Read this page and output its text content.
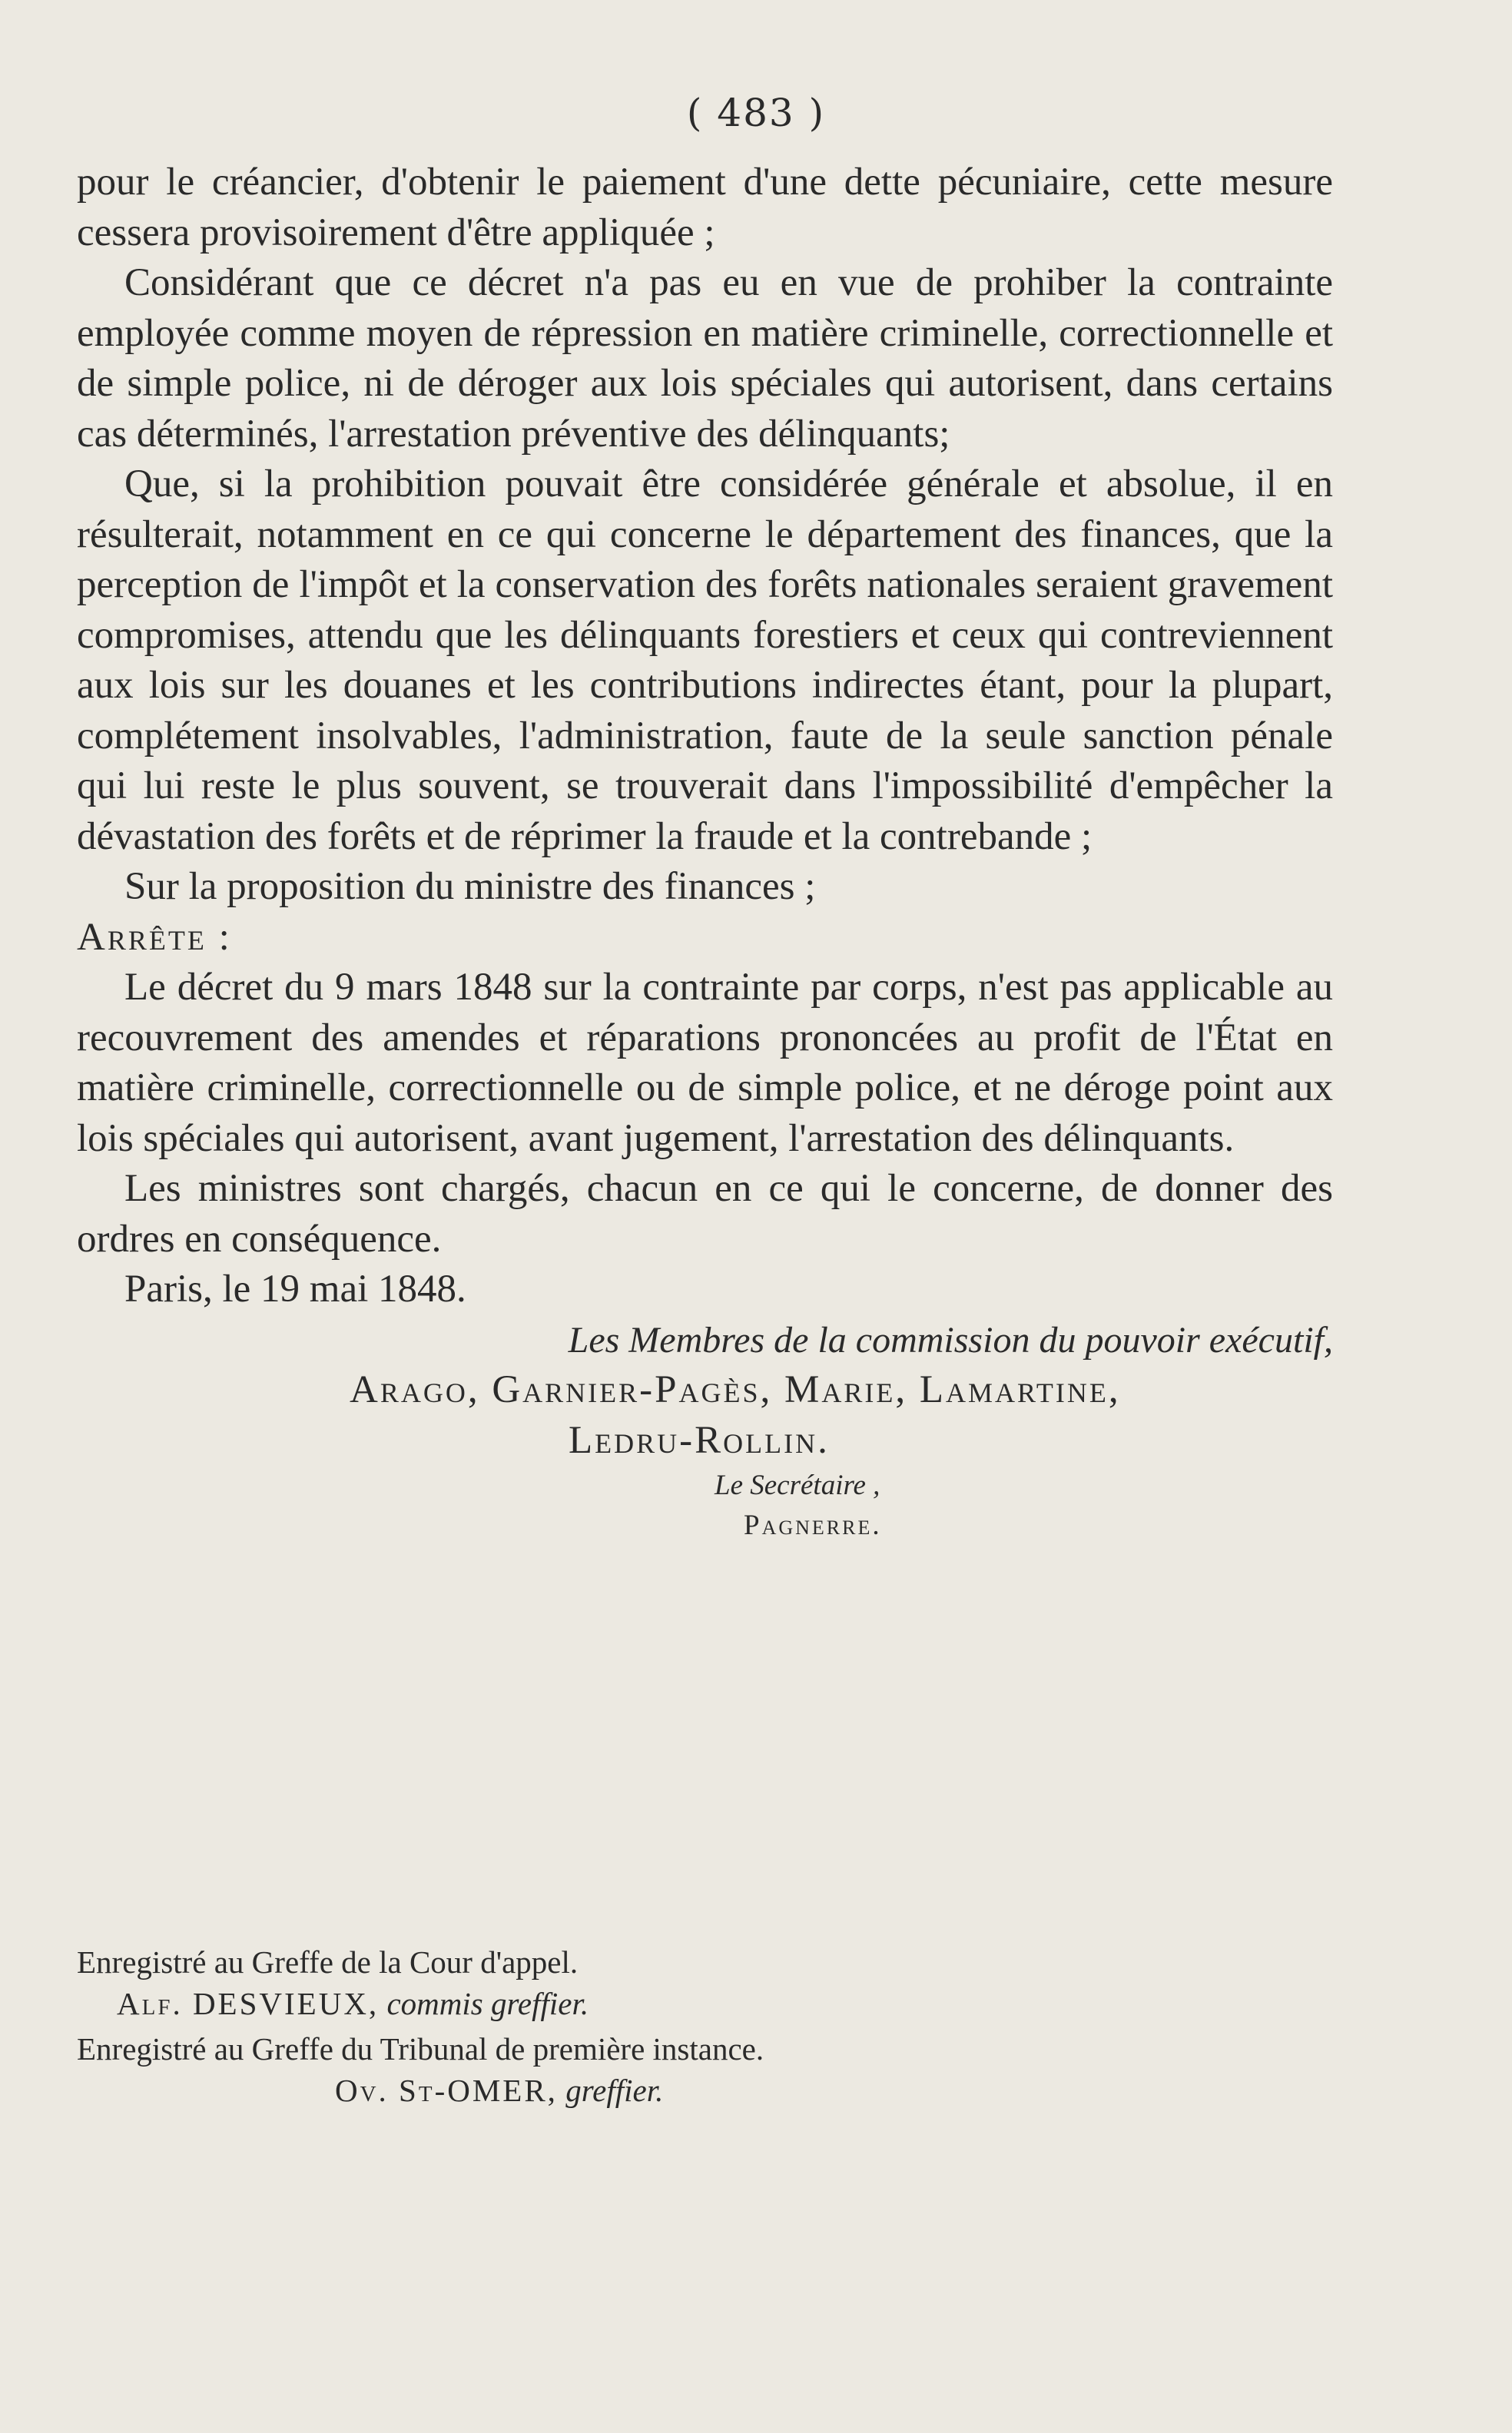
( 483 )

pour le créancier, d'obtenir le paiement d'une dette pécuniaire, cette mesure cessera provisoirement d'être appliquée ;

Considérant que ce décret n'a pas eu en vue de prohiber la contrainte employée comme moyen de répression en matière criminelle, correctionnelle et de simple police, ni de déroger aux lois spéciales qui autorisent, dans certains cas déterminés, l'arrestation préventive des délinquants;

Que, si la prohibition pouvait être considérée générale et absolue, il en résulterait, notamment en ce qui concerne le département des finances, que la perception de l'impôt et la conservation des forêts nationales seraient gravement compromises, attendu que les délinquants forestiers et ceux qui contreviennent aux lois sur les douanes et les contributions indirectes étant, pour la plupart, complétement insolvables, l'administration, faute de la seule sanction pénale qui lui reste le plus souvent, se trouverait dans l'impossibilité d'empêcher la dévastation des forêts et de réprimer la fraude et la contrebande ;

Sur la proposition du ministre des finances ;

Arrête :

Le décret du 9 mars 1848 sur la contrainte par corps, n'est pas applicable au recouvrement des amendes et réparations prononcées au profit de l'État en matière criminelle, correctionnelle ou de simple police, et ne déroge point aux lois spéciales qui autorisent, avant jugement, l'arrestation des délinquants.

Les ministres sont chargés, chacun en ce qui le concerne, de donner des ordres en conséquence.

Paris, le 19 mai 1848.

Les Membres de la commission du pouvoir exécutif,

Arago, Garnier-Pagès, Marie, Lamartine,

Ledru-Rollin.

Le Secrétaire ,

Pagnerre.

Enregistré au Greffe de la Cour d'appel.
Alf. DESVIEUX, commis greffier.
Enregistré au Greffe du Tribunal de première instance.
Ov. St-OMER, greffier.
